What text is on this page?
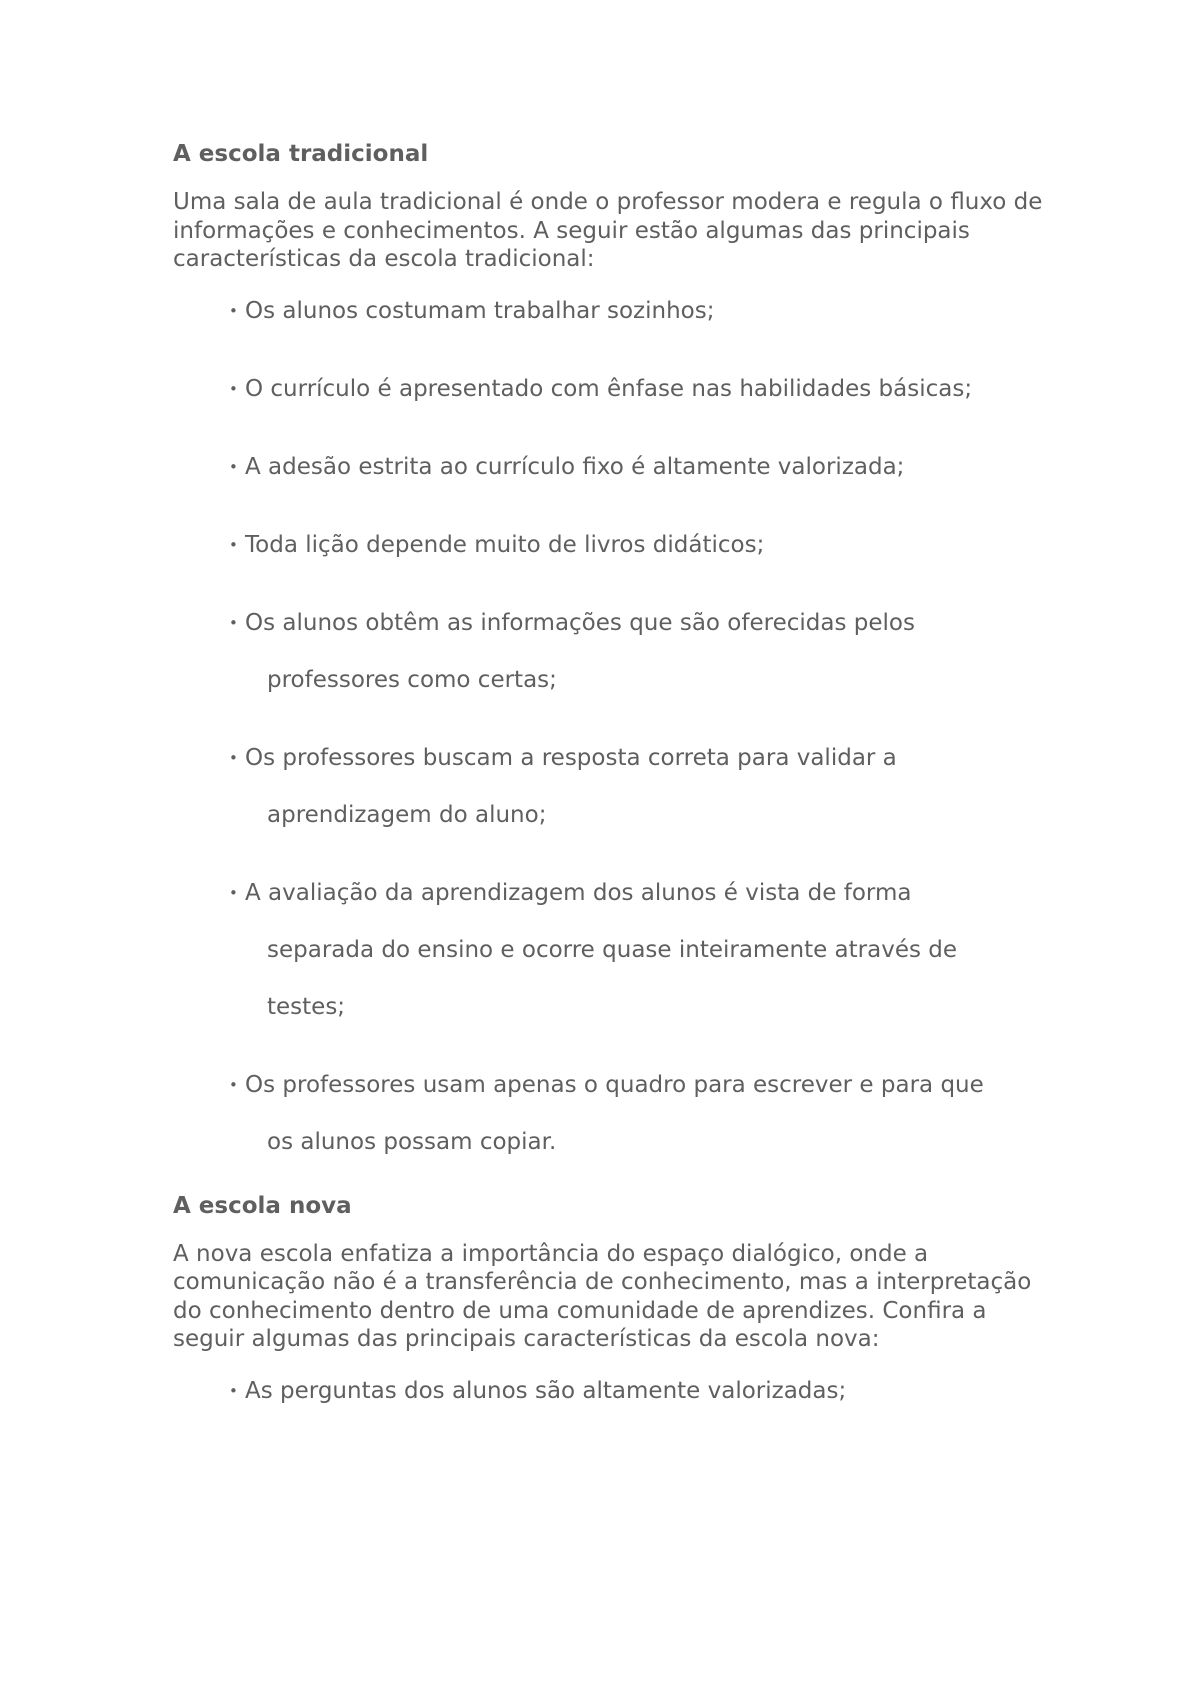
A escola tradicional

Uma sala de aula tradicional é onde o professor modera e regula o fluxo de informações e conhecimentos. A seguir estão algumas das principais características da escola tradicional:

• Os alunos costumam trabalhar sozinhos;
• O currículo é apresentado com ênfase nas habilidades básicas;
• A adesão estrita ao currículo fixo é altamente valorizada;
• Toda lição depende muito de livros didáticos;
• Os alunos obtêm as informações que são oferecidas pelos
professores como certas;
• Os professores buscam a resposta correta para validar a
aprendizagem do aluno;
• A avaliação da aprendizagem dos alunos é vista de forma
separada do ensino e ocorre quase inteiramente através de
testes;
• Os professores usam apenas o quadro para escrever e para que
os alunos possam copiar.
A escola nova

A nova escola enfatiza a importância do espaço dialógico, onde a comunicação não é a transferência de conhecimento, mas a interpretação do conhecimento dentro de uma comunidade de aprendizes. Confira a seguir algumas das principais características da escola nova:

• As perguntas dos alunos são altamente valorizadas;
